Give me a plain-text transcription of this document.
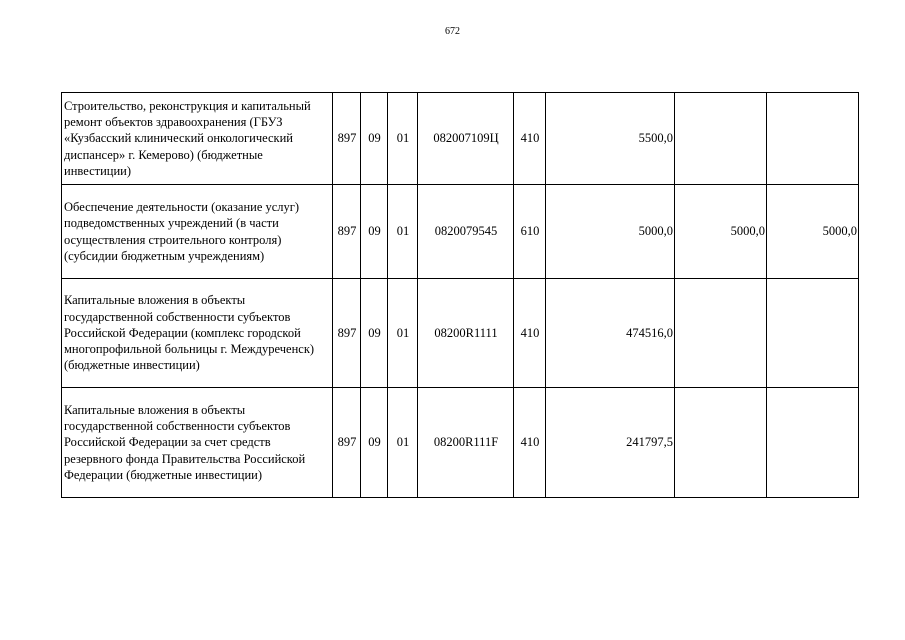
672
Строительство, реконструкция и капитальный ремонт объектов здравоохранения (ГБУЗ «Кузбасский клинический онкологический диспансер» г. Кемерово) (бюджетные инвестиции)	897	09	01	082007109Ц	410	5500,0		
Обеспечение деятельности (оказание услуг) подведомственных учреждений (в части осуществления строительного контроля) (субсидии бюджетным учреждениям)	897	09	01	0820079545	610	5000,0	5000,0	5000,0
Капитальные вложения в объекты государственной собственности субъектов Российской Федерации (комплекс городской многопрофильной больницы г. Междуреченск) (бюджетные инвестиции)	897	09	01	08200R1111	410	474516,0		
Капитальные вложения в объекты государственной собственности субъектов Российской Федерации за счет средств резервного фонда Правительства Российской Федерации (бюджетные инвестиции)	897	09	01	08200R111F	410	241797,5		
